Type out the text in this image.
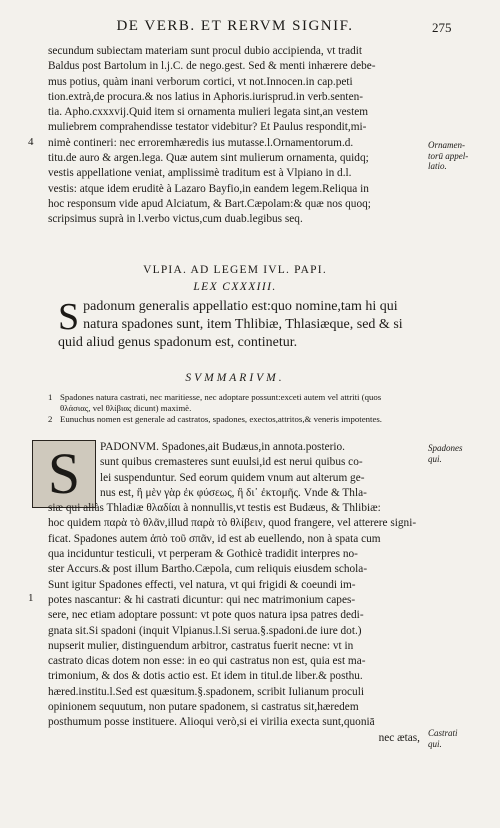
DE VERB. ET RERVM SIGNIF.	275
secundum subiectam materiam sunt procul dubio accipienda, vt tradit
Baldus post Bartolum in l.j.C. de nego.gest. Sed & menti inhærere debe-
mus potius, quàm inani verborum cortici, vt not.Innocen.in cap.peti
tion.extrà,de procura.& nos latius in Aphoris.iurisprud.in verb.senten-
tia. Apho.cxxxvij.Quid item si ornamenta mulieri legata sint,an vestem
muliebrem comprahendisse testator videbitur? Et Paulus respondit,mi-
nimè contineri: nec erroremhæredis ius mutasse.l.Ornamentorum.d.
titu.de auro & argen.lega. Quæ autem sint mulierum ornamenta, quidq;
vestis appellatione veniat, amplissimè traditum est à Vlpiano in d.l.
vestis: atque idem eruditè à Lazaro Bayfio,in eandem legem.Reliqua in
hoc responsum vide apud Alciatum, & Bart.Cæpolam:& quæ nos quoq;
scripsimus suprà in l.verbo victus,cum duab.legibus seq.
4	Ornamen-
torū appel-
latio.
VLPIA. AD LEGEM IVL. PAPI.
LEX CXXXIII.
S padonum generalis appellatio est:quo nomine,tam hi qui
natura spadones sunt, item Thlibiæ, Thlasiæque, sed & si
quid aliud genus spadonum est, continetur.
SVMMARIVM.
1 Spadones natura castrati, nec maritiesse, nec adoptare possunt:exceti autem vel attriti (quos
θλάσιας, vel θλίβιας dicunt) maximè.
2 Eunuchus nomen est generale ad castratos, spadones, exectos,attritos,& veneris impotentes.
S	PADONVM. Spadones,ait Budæus,in annota.posterio.
sunt quibus cremasteres sunt euulsi,id est nerui quibus co-
lei suspenduntur. Sed eorum quidem vnum aut alterum ge-
nus est, ἢ μὲν γὰρ ἐκ φύσεως, ἢ δι᾽ ἐκτομῆς. Vnde & Thla-
siæ qui aliàs Thladiæ θλαδίαι à nonnullis,vt testis est Budæus, & Thlibiæ:
hoc quidem παρὰ τὸ θλᾶν,illud παρὰ τὸ θλίβειν, quod frangere, vel atterere signi-
ficat. Spadones autem ἀπὸ τοῦ σπᾶν, id est ab euellendo, non à spata cum
qua inciduntur testiculi, vt perperam & Gothicè tradidit interpres no-
ster Accurs.& post illum Bartho.Cæpola, cum reliquis eiusdem schola-
Sunt igitur Spadones effecti, vel natura, vt qui frigidi & coeundi im-
potes nascantur: & hi castrati dicuntur: qui nec matrimonium capes-
sere, nec etiam adoptare possunt: vt pote quos natura ipsa patres dedi-
gnata sit.Si spadoni (inquit Vlpianus.l.Si serua.§.spadoni.de iure dot.)
nupserit mulier, distinguendum arbitror, castratus fuerit necne: vt in
castrato dicas dotem non esse: in eo qui castratus non est, quia est ma-
trimonium, & dos & dotis actio est. Et idem in titul.de liber.& posthu.
hæred.institu.l.Sed est quæsitum.§.spadonem, scribit Iulianum proculi
opinionem sequutum, non putare spadonem, si castratus sit,hæredem
posthumum posse instituere. Alioqui verò,si ei virilia execta sunt,quoniā
nec ætas,
1
Spadones
qui.
Castrati
qui.
